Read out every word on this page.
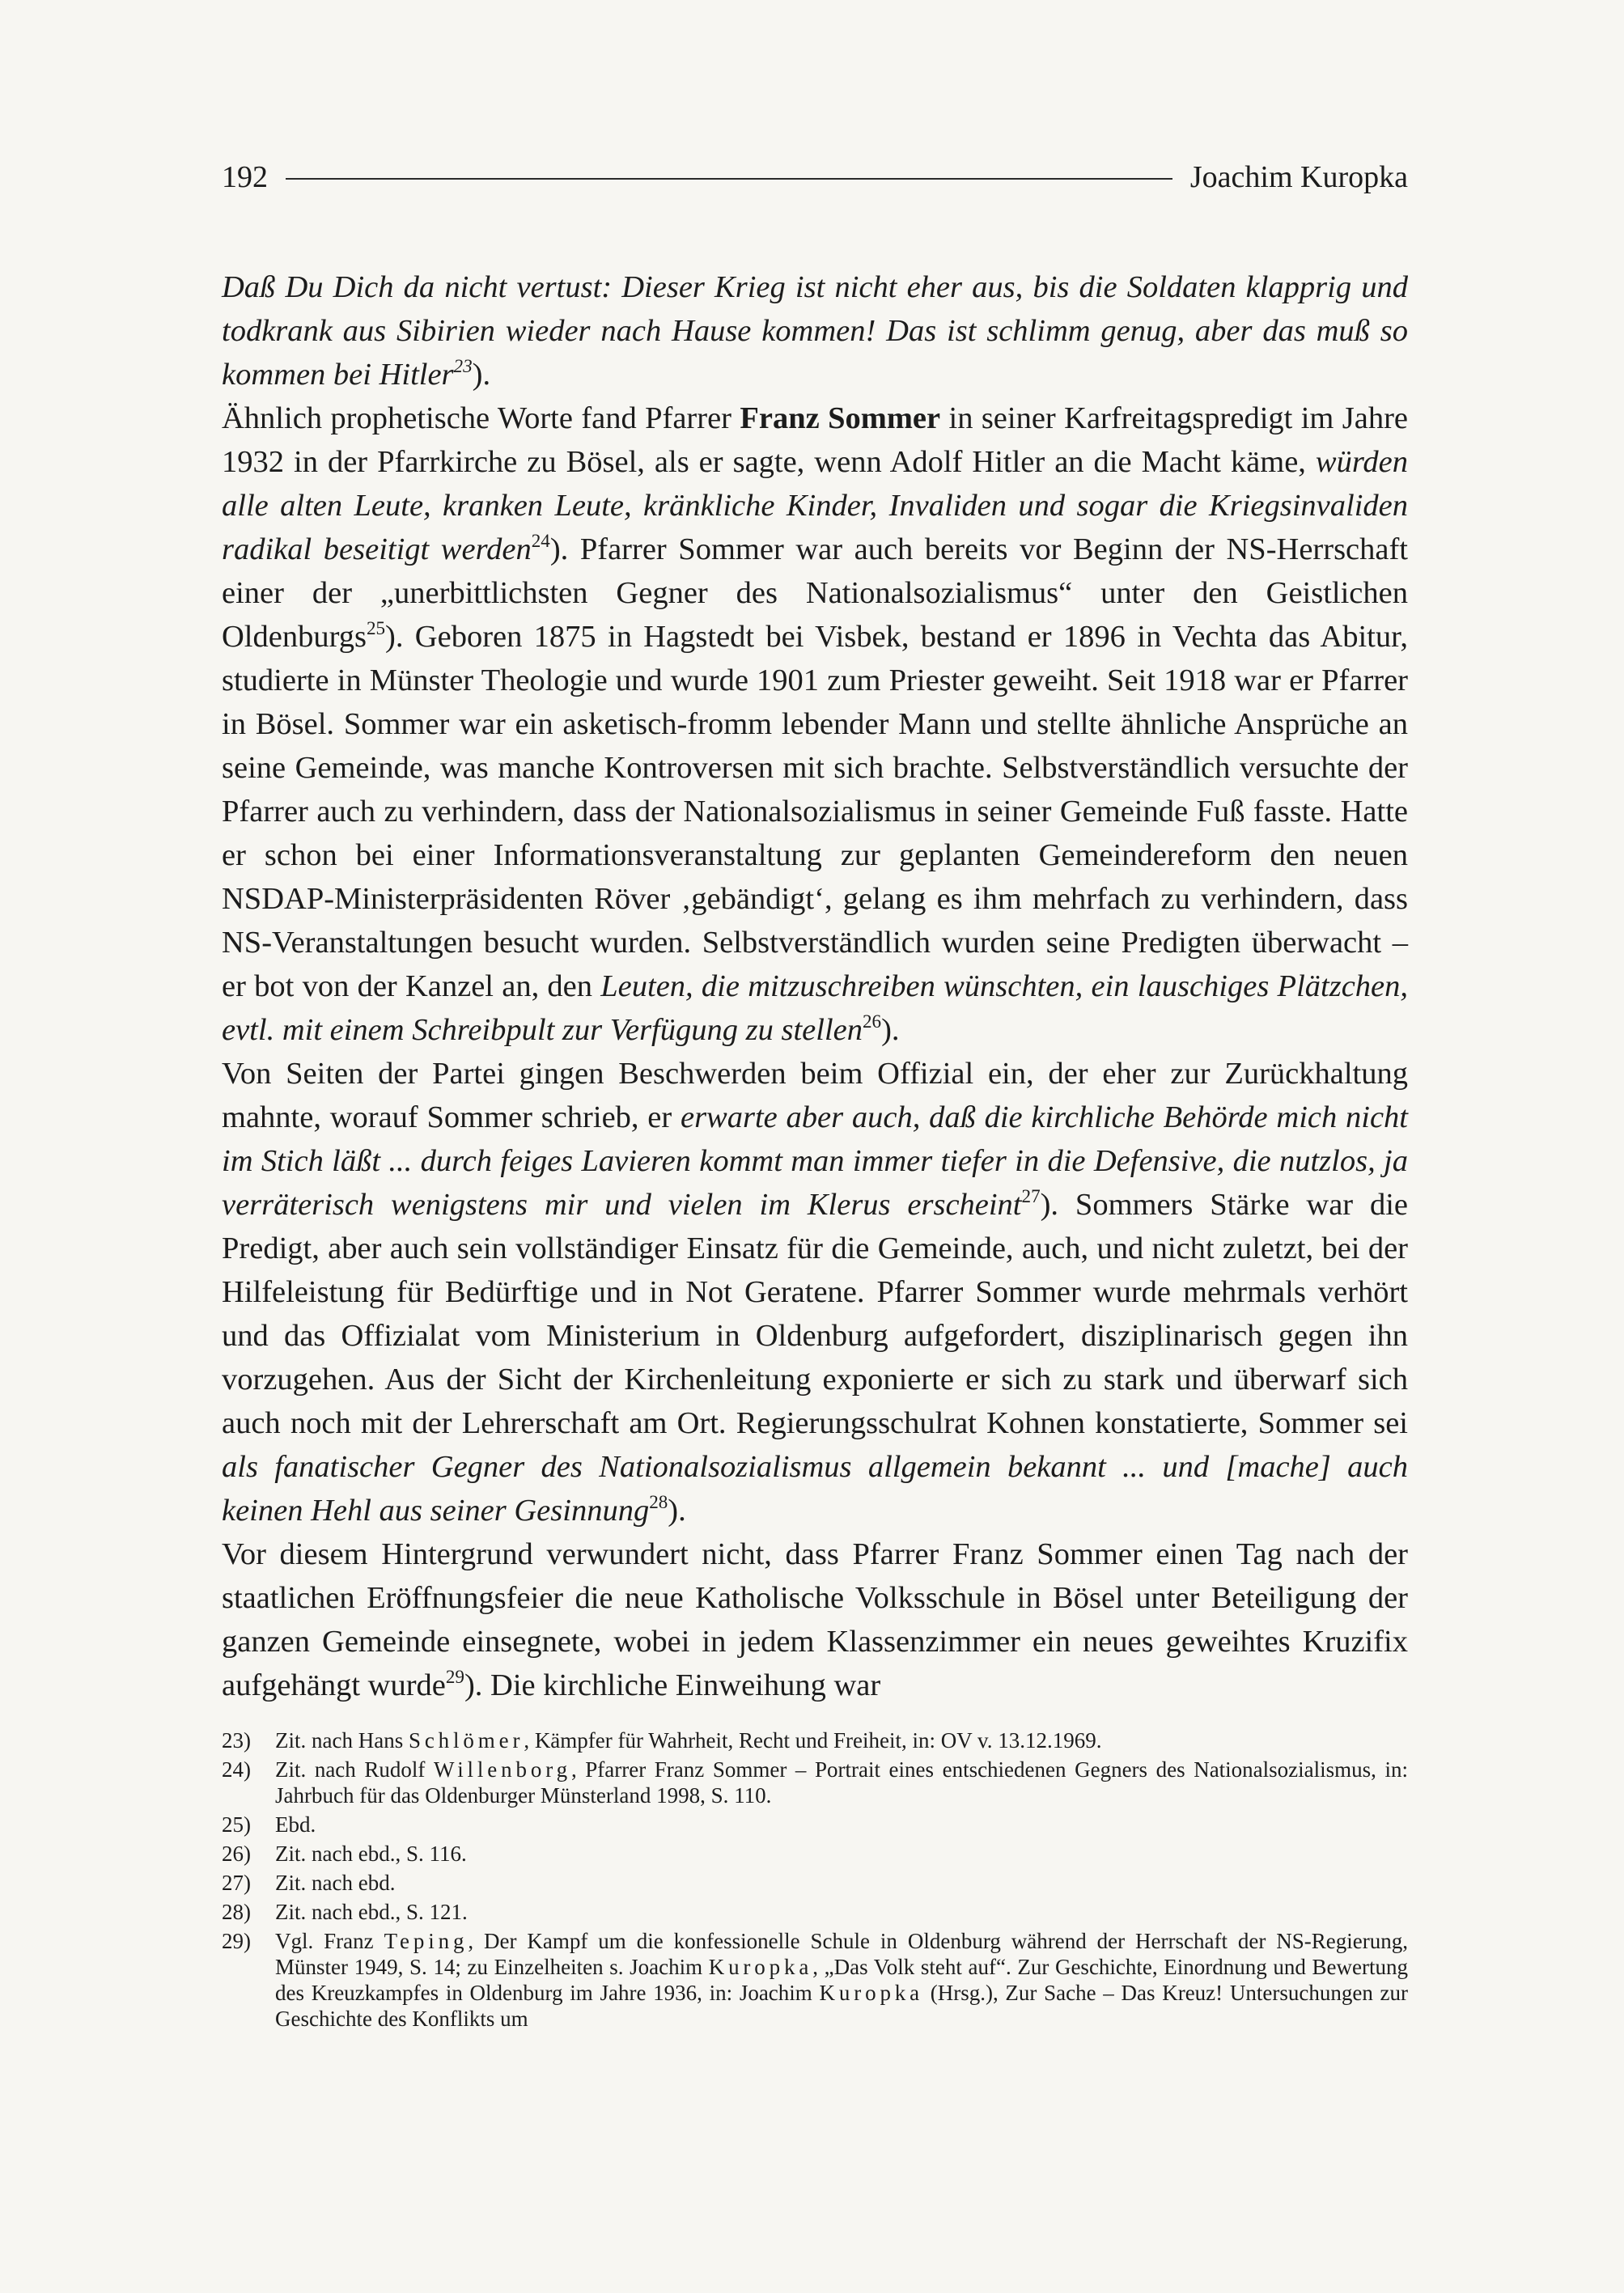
192	Joachim Kuropka

Daß Du Dich da nicht vertust: Dieser Krieg ist nicht eher aus, bis die Soldaten klapprig und todkrank aus Sibirien wieder nach Hause kommen! Das ist schlimm genug, aber das muß so kommen bei Hitler$^{23}$).

Ähnlich prophetische Worte fand Pfarrer Franz Sommer in seiner Karfreitagspredigt im Jahre 1932 in der Pfarrkirche zu Bösel, als er sagte, wenn Adolf Hitler an die Macht käme, würden alle alten Leute, kranken Leute, kränkliche Kinder, Invaliden und sogar die Kriegsinvaliden radikal beseitigt werden$^{24}$). Pfarrer Sommer war auch bereits vor Beginn der NS-Herrschaft einer der „unerbittlichsten Gegner des Nationalsozialismus“ unter den Geistlichen Oldenburgs$^{25}$). Geboren 1875 in Hagstedt bei Visbek, bestand er 1896 in Vechta das Abitur, studierte in Münster Theologie und wurde 1901 zum Priester geweiht. Seit 1918 war er Pfarrer in Bösel. Sommer war ein asketisch-fromm lebender Mann und stellte ähnliche Ansprüche an seine Gemeinde, was manche Kontroversen mit sich brachte. Selbstverständlich versuchte der Pfarrer auch zu verhindern, dass der Nationalsozialismus in seiner Gemeinde Fuß fasste. Hatte er schon bei einer Informationsveranstaltung zur geplanten Gemeindereform den neuen NSDAP-Ministerpräsidenten Röver ‚gebändigt‘, gelang es ihm mehrfach zu verhindern, dass NS-Veranstaltungen besucht wurden. Selbstverständlich wurden seine Predigten überwacht – er bot von der Kanzel an, den Leuten, die mitzuschreiben wünschten, ein lauschiges Plätzchen, evtl. mit einem Schreibpult zur Verfügung zu stellen$^{26}$).

Von Seiten der Partei gingen Beschwerden beim Offizial ein, der eher zur Zurückhaltung mahnte, worauf Sommer schrieb, er erwarte aber auch, daß die kirchliche Behörde mich nicht im Stich läßt ... durch feiges Lavieren kommt man immer tiefer in die Defensive, die nutzlos, ja verräterisch wenigstens mir und vielen im Klerus erscheint$^{27}$). Sommers Stärke war die Predigt, aber auch sein vollständiger Einsatz für die Gemeinde, auch, und nicht zuletzt, bei der Hilfeleistung für Bedürftige und in Not Geratene. Pfarrer Sommer wurde mehrmals verhört und das Offizialat vom Ministerium in Oldenburg aufgefordert, disziplinarisch gegen ihn vorzugehen. Aus der Sicht der Kirchenleitung exponierte er sich zu stark und überwarf sich auch noch mit der Lehrerschaft am Ort. Regierungsschulrat Kohnen konstatierte, Sommer sei als fanatischer Gegner des Nationalsozialismus allgemein bekannt ... und [mache] auch keinen Hehl aus seiner Gesinnung$^{28}$).

Vor diesem Hintergrund verwundert nicht, dass Pfarrer Franz Sommer einen Tag nach der staatlichen Eröffnungsfeier die neue Katholische Volksschule in Bösel unter Beteiligung der ganzen Gemeinde einsegnete, wobei in jedem Klassenzimmer ein neues geweihtes Kruzifix aufgehängt wurde$^{29}$). Die kirchliche Einweihung war

23)	Zit. nach Hans Schlömer, Kämpfer für Wahrheit, Recht und Freiheit, in: OV v. 13.12.1969.
24)	Zit. nach Rudolf Willenborg, Pfarrer Franz Sommer – Portrait eines entschiedenen Gegners des Nationalsozialismus, in: Jahrbuch für das Oldenburger Münsterland 1998, S. 110.
25)	Ebd.
26)	Zit. nach ebd., S. 116.
27)	Zit. nach ebd.
28)	Zit. nach ebd., S. 121.
29)	Vgl. Franz Teping, Der Kampf um die konfessionelle Schule in Oldenburg während der Herrschaft der NS-Regierung, Münster 1949, S. 14; zu Einzelheiten s. Joachim Kuropka, „Das Volk steht auf“. Zur Geschichte, Einordnung und Bewertung des Kreuzkampfes in Oldenburg im Jahre 1936, in: Joachim Kuropka (Hrsg.), Zur Sache – Das Kreuz! Untersuchungen zur Geschichte des Konflikts um
